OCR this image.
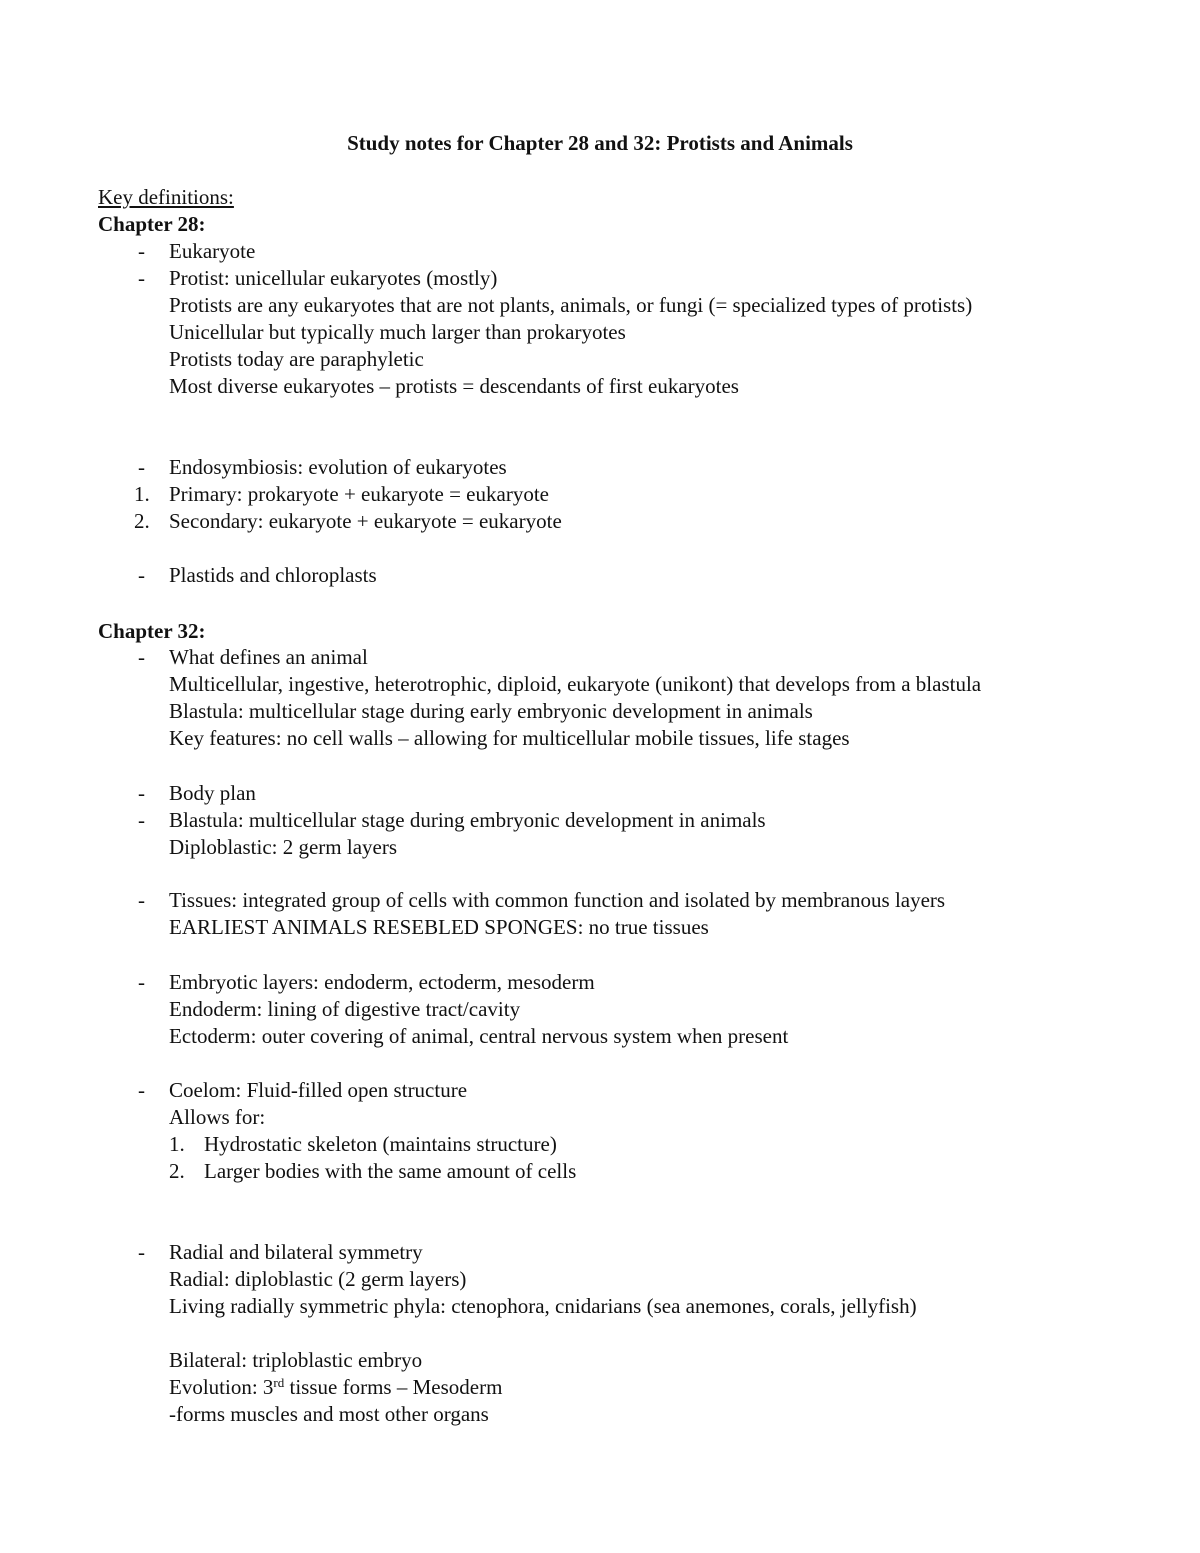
Study notes for Chapter 28 and 32: Protists and Animals
Key definitions:
Chapter 28:
- Eukaryote
- Protist: unicellular eukaryotes (mostly)
Protists are any eukaryotes that are not plants, animals, or fungi (= specialized types of protists)
Unicellular but typically much larger than prokaryotes
Protists today are paraphyletic
Most diverse eukaryotes – protists = descendants of first eukaryotes
- Endosymbiosis: evolution of eukaryotes
1. Primary: prokaryote + eukaryote = eukaryote
2. Secondary: eukaryote + eukaryote = eukaryote
- Plastids and chloroplasts
Chapter 32:
- What defines an animal
Multicellular, ingestive, heterotrophic, diploid, eukaryote (unikont) that develops from a blastula
Blastula: multicellular stage during early embryonic development in animals
Key features: no cell walls – allowing for multicellular mobile tissues, life stages
- Body plan
- Blastula: multicellular stage during embryonic development in animals
Diploblastic: 2 germ layers
- Tissues: integrated group of cells with common function and isolated by membranous layers
EARLIEST ANIMALS RESEBLED SPONGES: no true tissues
- Embryotic layers: endoderm, ectoderm, mesoderm
Endoderm: lining of digestive tract/cavity
Ectoderm: outer covering of animal, central nervous system when present
- Coelom: Fluid-filled open structure
Allows for:
1. Hydrostatic skeleton (maintains structure)
2. Larger bodies with the same amount of cells
- Radial and bilateral symmetry
Radial: diploblastic (2 germ layers)
Living radially symmetric phyla: ctenophora, cnidarians (sea anemones, corals, jellyfish)
Bilateral: triploblastic embryo
Evolution: 3rd tissue forms – Mesoderm
-forms muscles and most other organs
